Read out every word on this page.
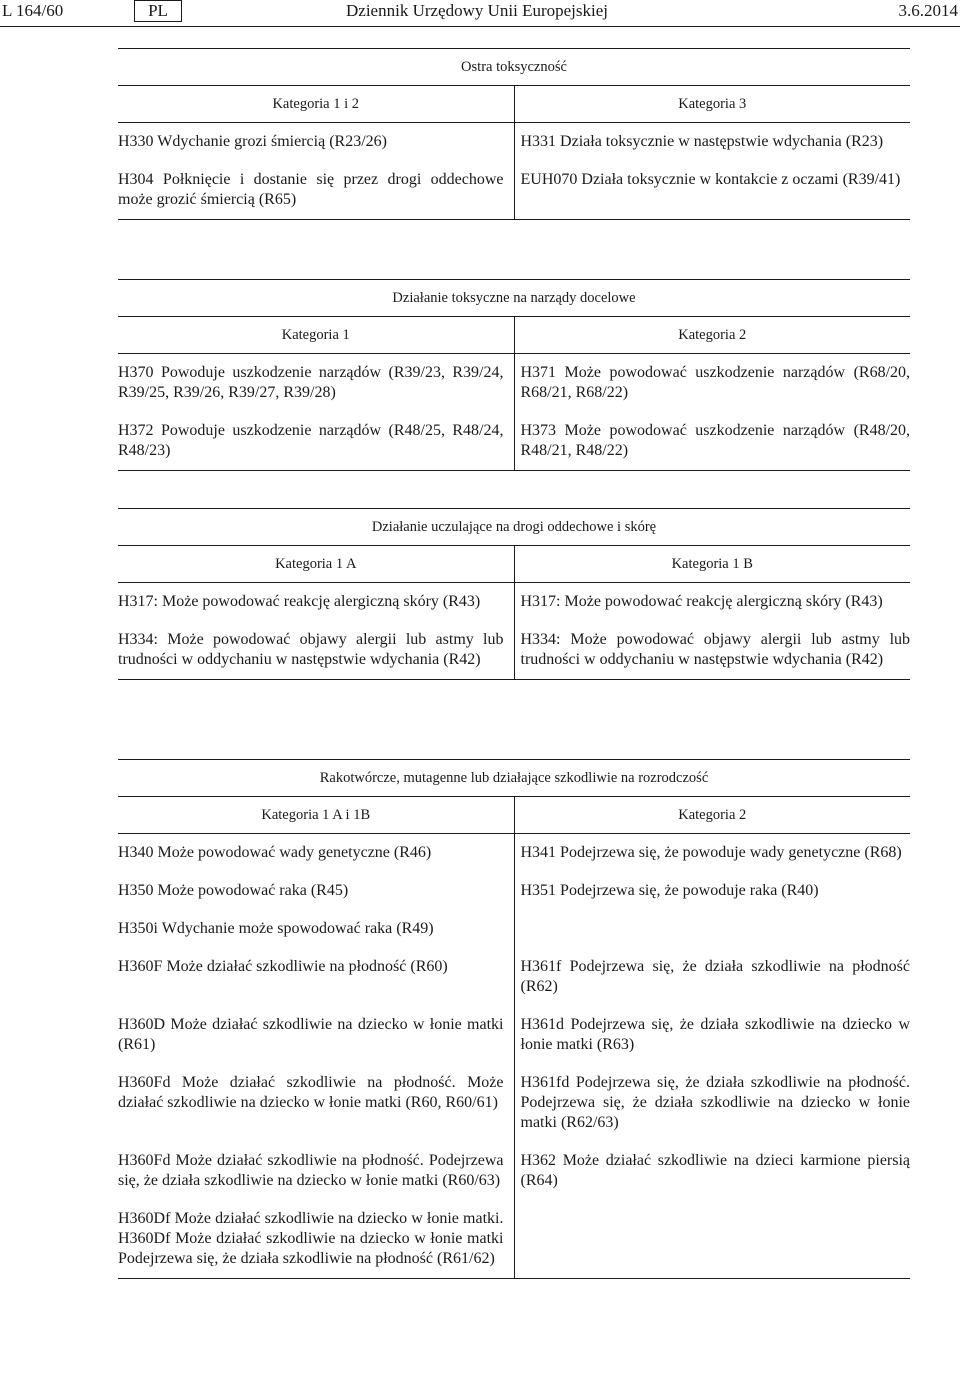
L 164/60	PL	Dziennik Urzędowy Unii Europejskiej	3.6.2014
Ostra toksyczność	
Kategoria 1 i 2	Kategoria 3
H330 Wdychanie grozi śmiercią (R23/26)	H331 Działa toksycznie w następstwie wdychania (R23)
H304 Połknięcie i dostanie się przez drogi oddechowe może grozić śmiercią (R65)	EUH070 Działa toksycznie w kontakcie z oczami (R39/41)
Działanie toksyczne na narządy docelowe	
Kategoria 1	Kategoria 2
H370 Powoduje uszkodzenie narządów (R39/23, R39/24, R39/25, R39/26, R39/27, R39/28)	H371 Może powodować uszkodzenie narządów (R68/20, R68/21, R68/22)
H372 Powoduje uszkodzenie narządów (R48/25, R48/24, R48/23)	H373 Może powodować uszkodzenie narządów (R48/20, R48/21, R48/22)
Działanie uczulające na drogi oddechowe i skórę	
Kategoria 1 A	Kategoria 1 B
H317: Może powodować reakcję alergiczną skóry (R43)	H317: Może powodować reakcję alergiczną skóry (R43)
H334: Może powodować objawy alergii lub astmy lub trudności w oddychaniu w następstwie wdychania (R42)	H334: Może powodować objawy alergii lub astmy lub trudności w oddychaniu w następstwie wdychania (R42)
Rakotwórcze, mutagenne lub działające szkodliwie na rozrodczość	
Kategoria 1 A i 1B	Kategoria 2
H340 Może powodować wady genetyczne (R46)	H341 Podejrzewa się, że powoduje wady genetyczne (R68)
H350 Może powodować raka (R45)	H351 Podejrzewa się, że powoduje raka (R40)
H350i Wdychanie może spowodować raka (R49)	
H360F Może działać szkodliwie na płodność (R60)	H361f Podejrzewa się, że działa szkodliwie na płodność (R62)
H360D Może działać szkodliwie na dziecko w łonie matki (R61)	H361d Podejrzewa się, że działa szkodliwie na dziecko w łonie matki (R63)
H360Fd Może działać szkodliwie na płodność. Może działać szkodliwie na dziecko w łonie matki (R60, R60/61)	H361fd Podejrzewa się, że działa szkodliwie na płodność. Podejrzewa się, że działa szkodliwie na dziecko w łonie matki (R62/63)
H360Fd Może działać szkodliwie na płodność. Podejrzewa się, że działa szkodliwie na dziecko w łonie matki (R60/63)	H362 Może działać szkodliwie na dzieci karmione piersią (R64)
H360Df Może działać szkodliwie na dziecko w łonie matki. H360Df Może działać szkodliwie na dziecko w łonie matki Podejrzewa się, że działa szkodliwie na płodność (R61/62)	
